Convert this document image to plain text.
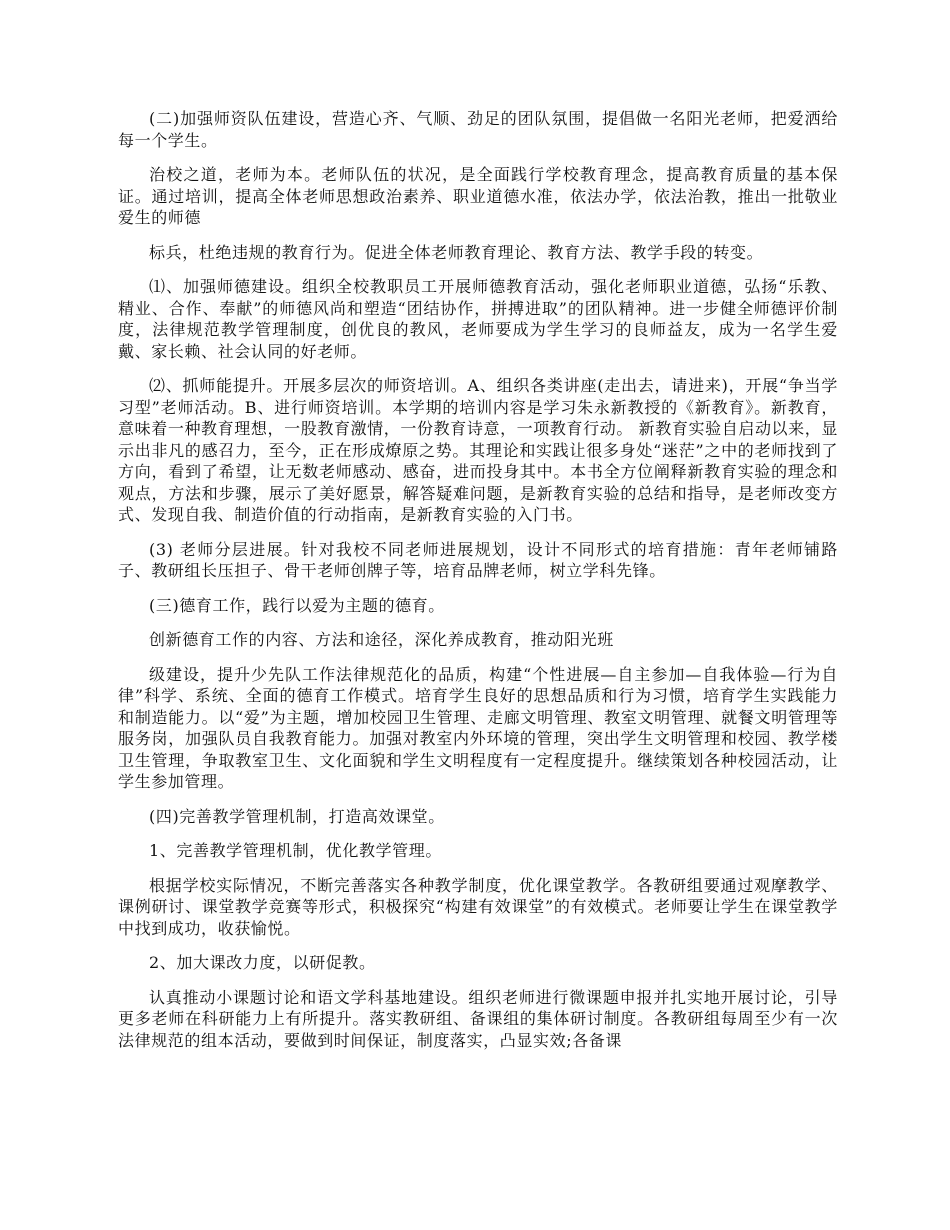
(二)加强师资队伍建设，营造心齐、气顺、劲足的团队氛围，提倡做一名阳光老师，把爱洒给每一个学生。

治校之道，老师为本。老师队伍的状况，是全面践行学校教育理念，提高教育质量的基本保证。通过培训，提高全体老师思想政治素养、职业道德水准，依法办学，依法治教，推出一批敬业爱生的师德

标兵，杜绝违规的教育行为。促进全体老师教育理论、教育方法、教学手段的转变。

⑴、加强师德建设。组织全校教职员工开展师德教育活动，强化老师职业道德，弘扬“乐教、精业、合作、奉献”的师德风尚和塑造“团结协作，拼搏进取”的团队精神。进一步健全师德评价制度，法律规范教学管理制度，创优良的教风，老师要成为学生学习的良师益友，成为一名学生爱戴、家长赖、社会认同的好老师。

⑵、抓师能提升。开展多层次的师资培训。A、组织各类讲座(走出去，请进来)，开展“争当学习型”老师活动。B、进行师资培训。本学期的培训内容是学习朱永新教授的《新教育》。新教育，意味着一种教育理想，一股教育激情，一份教育诗意，一项教育行动。 新教育实验自启动以来，显示出非凡的感召力，至今，正在形成燎原之势。其理论和实践让很多身处“迷茫”之中的老师找到了方向，看到了希望，让无数老师感动、感奋，进而投身其中。本书全方位阐释新教育实验的理念和观点，方法和步骤，展示了美好愿景，解答疑难问题，是新教育实验的总结和指导，是老师改变方式、发现自我、制造价值的行动指南，是新教育实验的入门书。

(3) 老师分层进展。针对我校不同老师进展规划，设计不同形式的培育措施：青年老师铺路子、教研组长压担子、骨干老师创牌子等，培育品牌老师，树立学科先锋。

(三)德育工作，践行以爱为主题的德育。

创新德育工作的内容、方法和途径，深化养成教育，推动阳光班

级建设，提升少先队工作法律规范化的品质，构建“个性进展—自主参加—自我体验—行为自律”科学、系统、全面的德育工作模式。培育学生良好的思想品质和行为习惯，培育学生实践能力和制造能力。以“爱”为主题，增加校园卫生管理、走廊文明管理、教室文明管理、就餐文明管理等服务岗，加强队员自我教育能力。加强对教室内外环境的管理，突出学生文明管理和校园、教学楼卫生管理，争取教室卫生、文化面貌和学生文明程度有一定程度提升。继续策划各种校园活动，让学生参加管理。

(四)完善教学管理机制，打造高效课堂。

1、完善教学管理机制，优化教学管理。

根据学校实际情况，不断完善落实各种教学制度，优化课堂教学。各教研组要通过观摩教学、课例研讨、课堂教学竞赛等形式，积极探究“构建有效课堂”的有效模式。老师要让学生在课堂教学中找到成功，收获愉悦。

2、加大课改力度，以研促教。

认真推动小课题讨论和语文学科基地建设。组织老师进行微课题申报并扎实地开展讨论，引导更多老师在科研能力上有所提升。落实教研组、备课组的集体研讨制度。各教研组每周至少有一次法律规范的组本活动，要做到时间保证，制度落实，凸显实效;各备课
